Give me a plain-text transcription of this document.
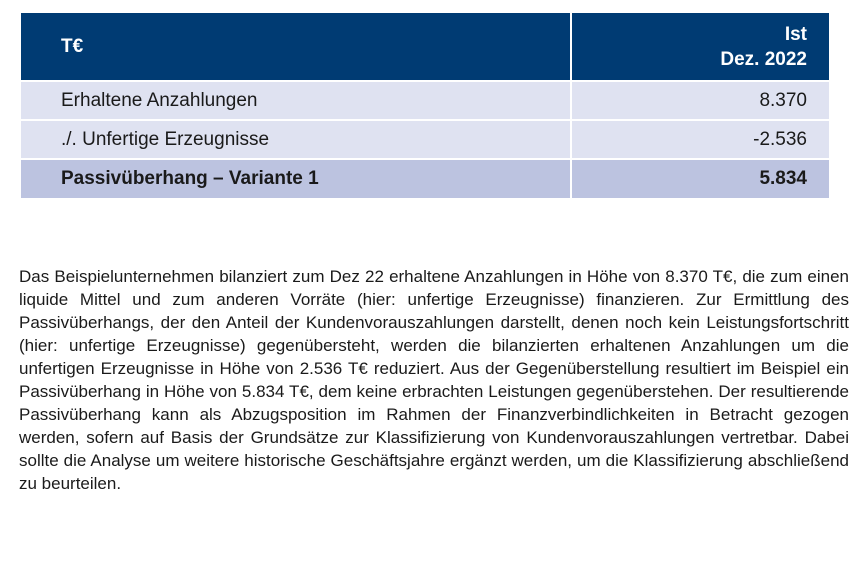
T€	Ist
Dez. 2022

Erhaltene Anzahlungen	8.370
./. Unfertige Erzeugnisse	-2.536
Passivüberhang – Variante 1	5.834

Das Beispielunternehmen bilanziert zum Dez 22 erhaltene Anzahlungen in Höhe von 8.370 T€, die zum einen liquide Mittel und zum anderen Vorräte (hier: unfertige Erzeugnisse) finanzieren. Zur Ermittlung des Passivüberhangs, der den Anteil der Kundenvorauszahlungen darstellt, denen noch kein Leistungsfortschritt (hier: unfertige Erzeugnisse) gegenübersteht, werden die bilanzierten erhaltenen Anzahlungen um die unfertigen Erzeugnisse in Höhe von 2.536 T€ reduziert. Aus der Gegenüberstellung resultiert im Beispiel ein Passivüberhang in Höhe von 5.834 T€, dem keine erbrachten Leistungen gegenüberstehen. Der resultierende Passivüberhang kann als Abzugsposition im Rahmen der Finanzverbindlichkeiten in Betracht gezogen werden, sofern auf Basis der Grundsätze zur Klassifizierung von Kundenvorauszahlungen vertretbar. Dabei sollte die Analyse um weitere historische Geschäftsjahre ergänzt werden, um die Klassifizierung abschließend zu beurteilen.
